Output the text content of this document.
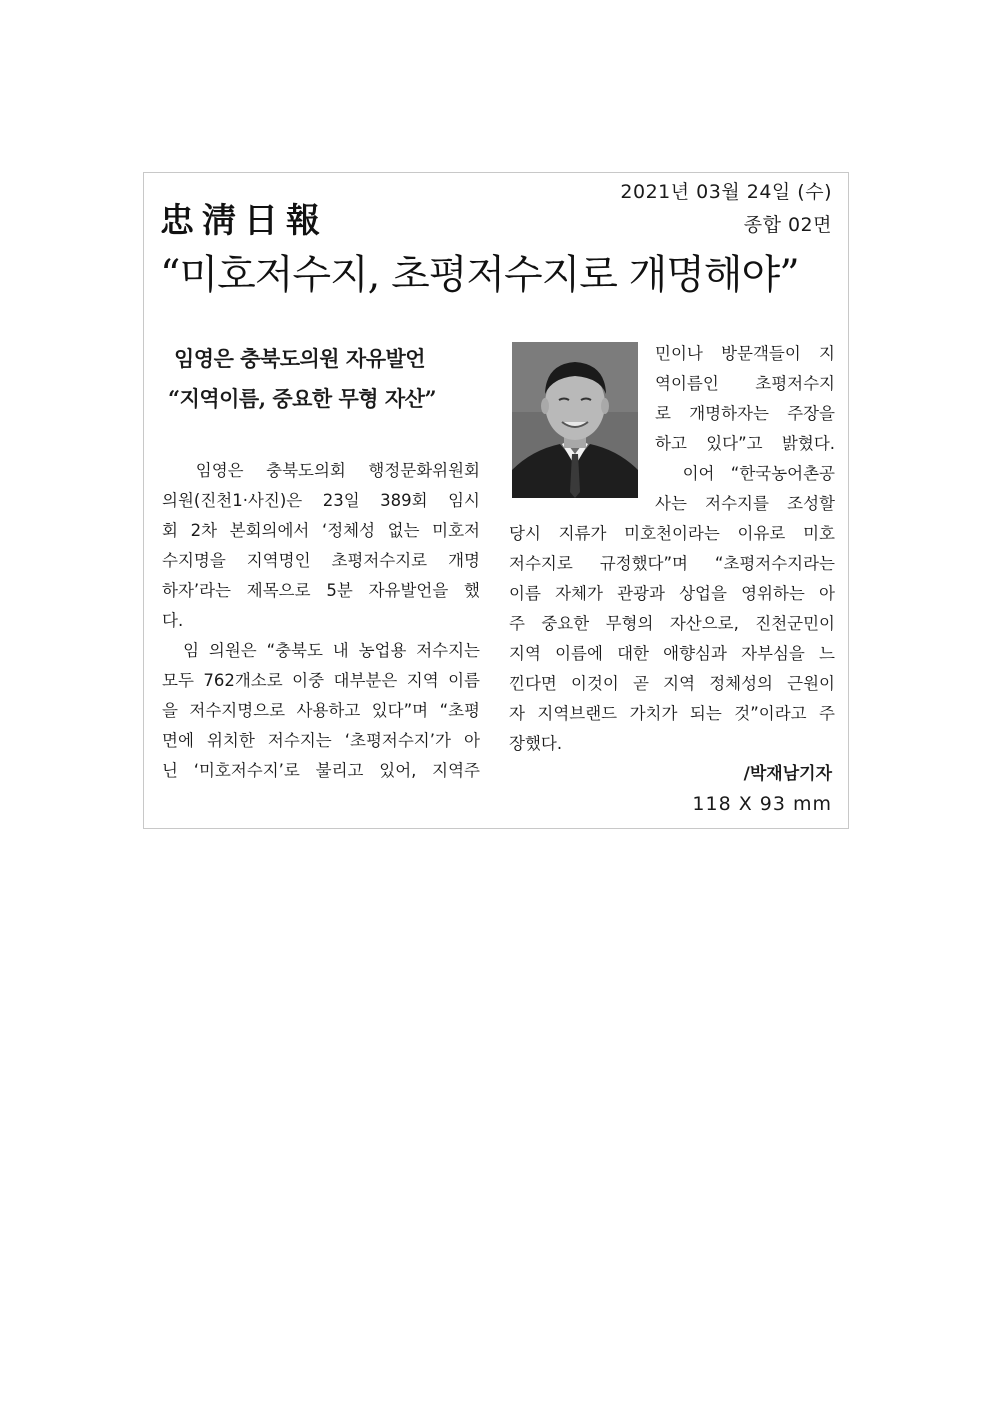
2021년 03월 24일 (수)
종합 02면
忠淸日報
“미호저수지, 초평저수지로 개명해야”
임영은 충북도의원 자유발언
“지역이름, 중요한 무형 자산”
　임영은 충북도의회 행정문화위원회
의원(진천1·사진)은 23일 389회 임시
회 2차 본회의에서 ‘정체성 없는 미호저
수지명을 지역명인 초평저수지로 개명
하자’라는 제목으로 5분 자유발언을 했
다.
　임 의원은 “충북도 내 농업용 저수지는
모두 762개소로 이중 대부분은 지역 이름
을 저수지명으로 사용하고 있다”며 “초평
면에 위치한 저수지는 ‘초평저수지’가 아
닌 ‘미호저수지’로 불리고 있어, 지역주
민이나 방문객들이 지
역이름인 초평저수지
로 개명하자는 주장을
하고 있다”고 밝혔다.
　이어 “한국농어촌공
사는 저수지를 조성할
당시 지류가 미호천이라는 이유로 미호
저수지로 규정했다”며 “초평저수지라는
이름 자체가 관광과 상업을 영위하는 아
주 중요한 무형의 자산으로, 진천군민이
지역 이름에 대한 애향심과 자부심을 느
낀다면 이것이 곧 지역 정체성의 근원이
자 지역브랜드 가치가 되는 것”이라고 주
장했다.
/박재남기자
118 X 93 mm
